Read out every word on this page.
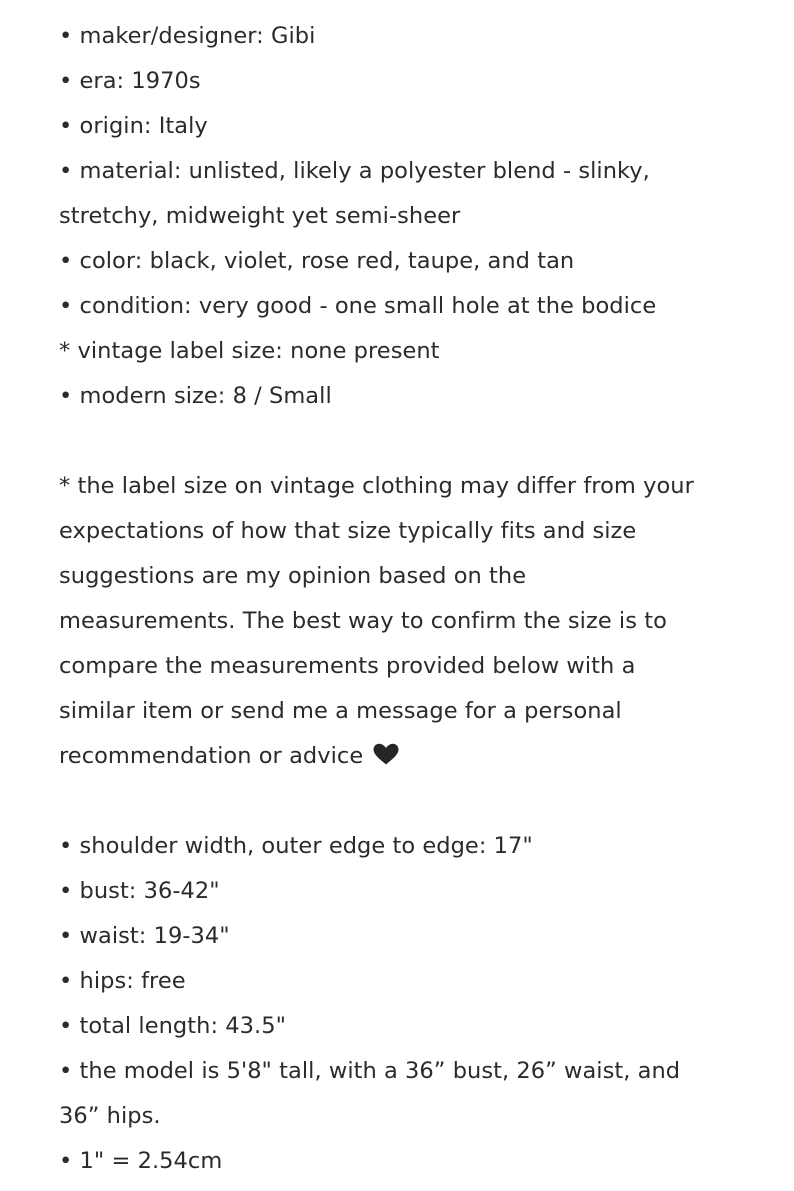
• maker/designer: Gibi
• era: 1970s
• origin: Italy
• material: unlisted, likely a polyester blend - slinky,
stretchy, midweight yet semi-sheer
• color: black, violet, rose red, taupe, and tan
• condition: very good - one small hole at the bodice
* vintage label size: none present
• modern size: 8 / Small
* the label size on vintage clothing may differ from your
expectations of how that size typically fits and size
suggestions are my opinion based on the
measurements. The best way to confirm the size is to
compare the measurements provided below with a
similar item or send me a message for a personal
recommendation or advice
• shoulder width, outer edge to edge: 17"
• bust: 36-42"
• waist: 19-34"
• hips: free
• total length: 43.5"
• the model is 5'8" tall, with a 36” bust, 26” waist, and
36” hips.
• 1" = 2.54cm
